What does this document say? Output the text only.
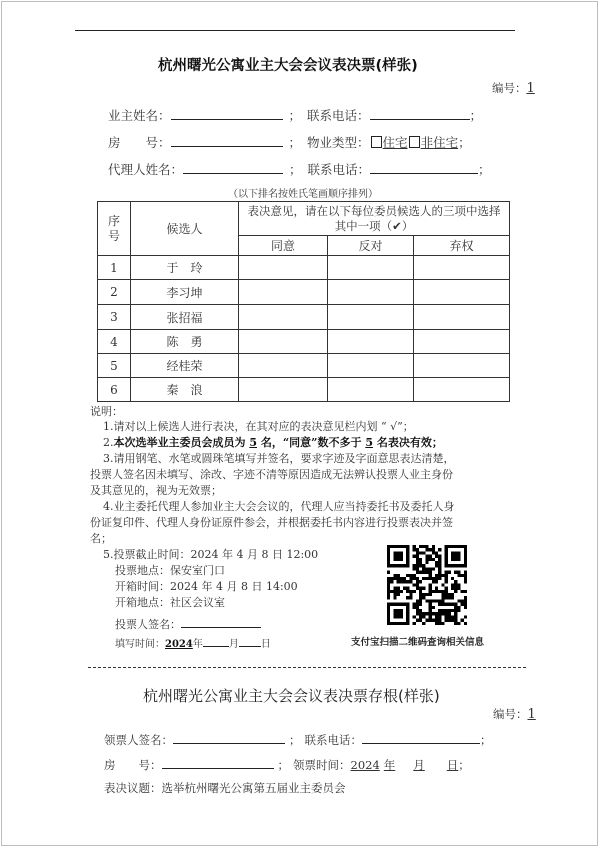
杭州曙光公寓业主大会会议表决票(样张)
编号：1
业主姓名：	； 联系电话：	；
房　　号：	； 物业类型： 住宅 非住宅；
代理人姓名：	； 联系电话：	；
（以下排名按姓氏笔画顺序排列）
序号	候选人	表决意见，请在以下每位委员候选人的三项中选择其中一项（✔）		
		同意	反对	弃权
1	于　玲			
2	李习坤			
3	张招福			
4	陈　勇			
5	经桂荣			
6	秦　浪			
说明：
1.请对以上候选人进行表决，在其对应的表决意见栏内划 “ √”；
2.本次选举业主委员会成员为 5 名，“同意”数不多于 5 名表决有效；
3.请用钢笔、水笔或圆珠笔填写并签名，要求字迹及字面意思表达清楚，
投票人签名因未填写、涂改、字迹不清等原因造成无法辨认投票人业主身份
及其意见的，视为无效票；
4.业主委托代理人参加业主大会会议的，代理人应当持委托书及委托人身
份证复印件、代理人身份证原件参会，并根据委托书内容进行投票表决并签
名；
5.投票截止时间：2024 年 4 月 8 日 12:00
投票地点：保安室门口
开箱时间：2024 年 4 月 8 日 14:00
开箱地点：社区会议室
投票人签名：
填写时间：2024年	月 日	支付宝扫描二维码查询相关信息
杭州曙光公寓业主大会会议表决票存根(样张)
编号：1
领票人签名：	； 联系电话：	；
房　　号：	； 领票时间：2024 年 月 日；
表决议题：选举杭州曙光公寓第五届业主委员会
